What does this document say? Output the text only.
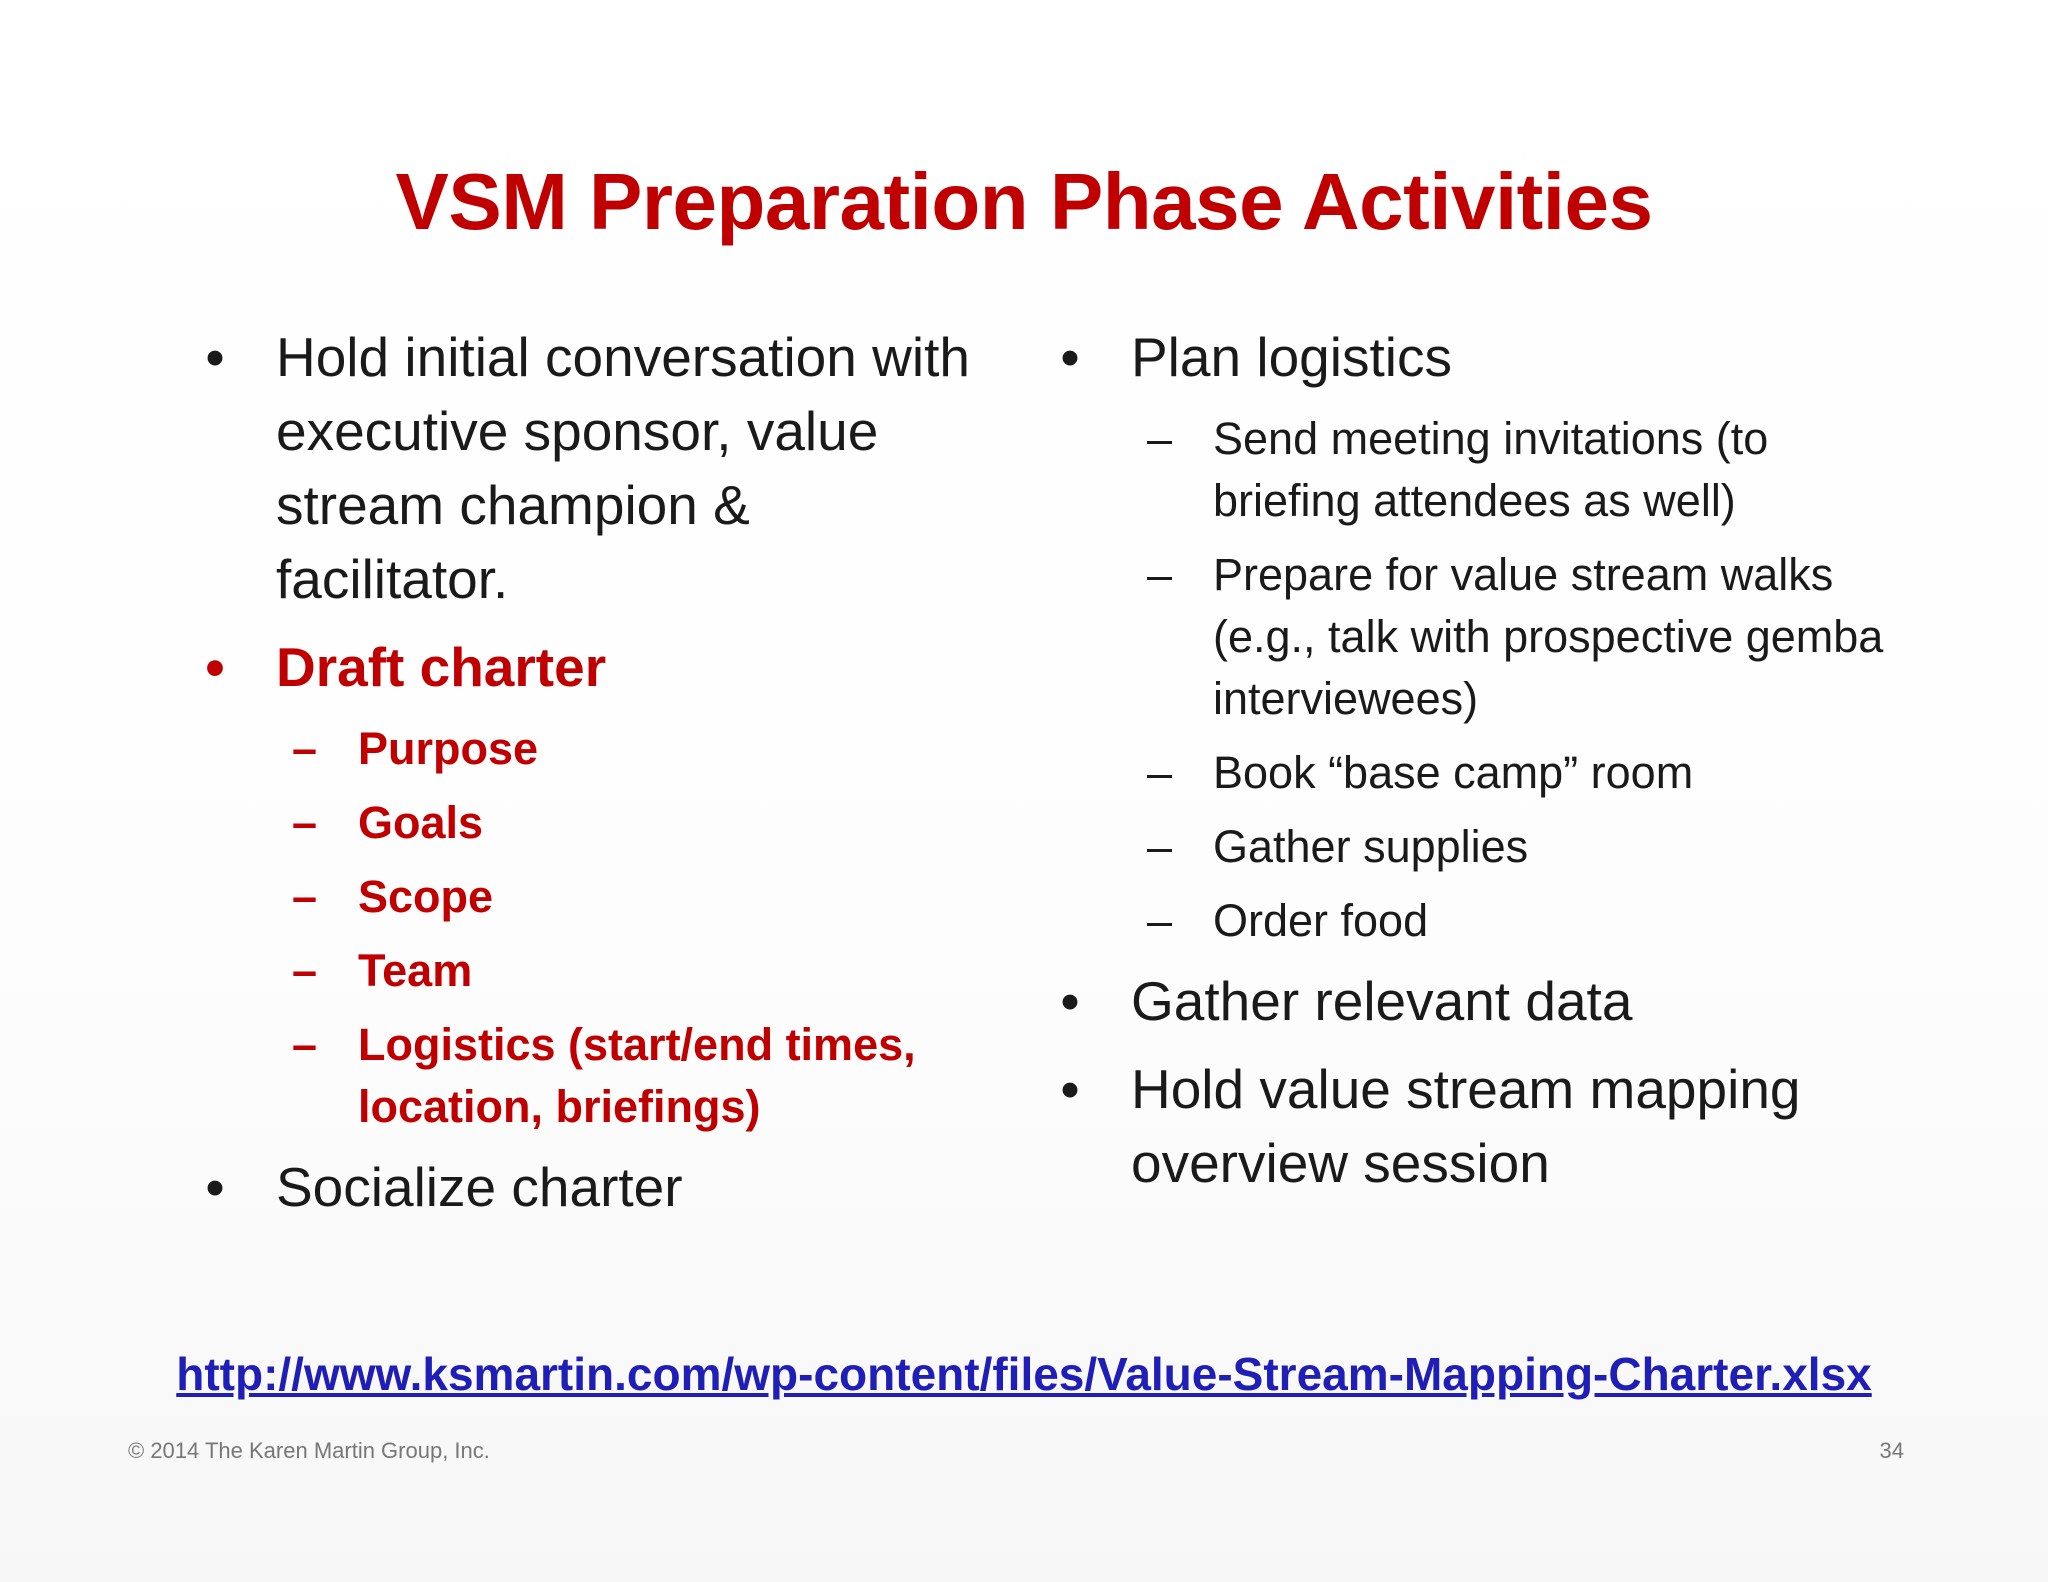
VSM Preparation Phase Activities
• Hold initial conversation with executive sponsor, value stream champion & facilitator.
• Draft charter
– Purpose
– Goals
– Scope
– Team
– Logistics (start/end times, location, briefings)
• Socialize charter
• Plan logistics
– Send meeting invitations (to briefing attendees as well)
– Prepare for value stream walks (e.g., talk with prospective gemba interviewees)
– Book “base camp” room
– Gather supplies
– Order food
• Gather relevant data
• Hold value stream mapping overview session
http://www.ksmartin.com/wp-content/files/Value-Stream-Mapping-Charter.xlsx
© 2014 The Karen Martin Group, Inc.	34
